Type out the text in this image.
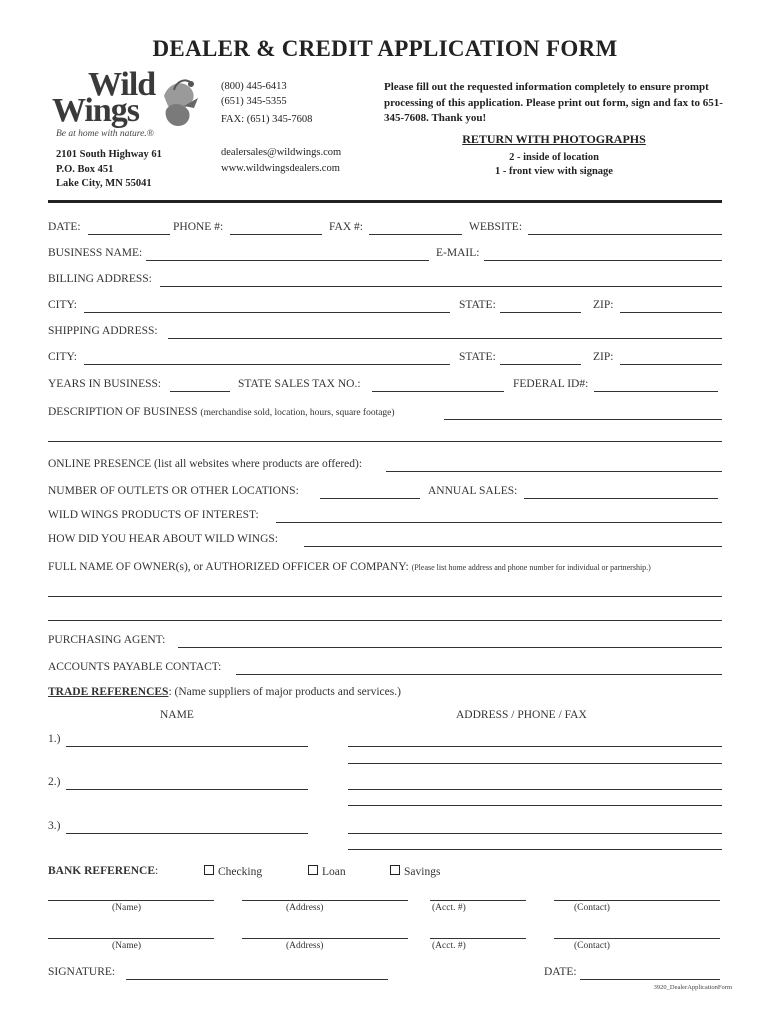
DEALER & CREDIT APPLICATION FORM
Wild
Wings
Be at home with nature.®
(800) 445-6413
(651) 345-5355
FAX: (651) 345-7608
dealersales@wildwings.com
www.wildwingsdealers.com
2101 South Highway 61
P.O. Box 451
Lake City, MN 55041
Please fill out the requested information completely to ensure prompt processing of this application. Please print out form, sign and fax to 651-345-7608. Thank you!
RETURN WITH PHOTOGRAPHS
2 - inside of location
1 - front view with signage
DATE:	PHONE #:	FAX #:	WEBSITE:
BUSINESS NAME:	E-MAIL:
BILLING ADDRESS:
CITY:	STATE:	ZIP:
SHIPPING ADDRESS:
CITY:	STATE:	ZIP:
YEARS IN BUSINESS:	STATE SALES TAX NO.:	FEDERAL ID#:
DESCRIPTION OF BUSINESS (merchandise sold, location, hours, square footage)
ONLINE PRESENCE (list all websites where products are offered):
NUMBER OF OUTLETS OR OTHER LOCATIONS:	ANNUAL SALES:
WILD WINGS PRODUCTS OF INTEREST:
HOW DID YOU HEAR ABOUT WILD WINGS:
FULL NAME OF OWNER(s), or AUTHORIZED OFFICER OF COMPANY: (Please list home address and phone number for individual or partnership.)
PURCHASING AGENT:
ACCOUNTS PAYABLE CONTACT:
TRADE REFERENCES: (Name suppliers of major products and services.)
NAME	ADDRESS / PHONE / FAX
1.)
2.)
3.)
BANK REFERENCE:	Checking	Loan	Savings
(Name)	(Address)	(Acct. #)	(Contact)
(Name)	(Address)	(Acct. #)	(Contact)
SIGNATURE:	DATE:
3920_DealerApplicationForm
